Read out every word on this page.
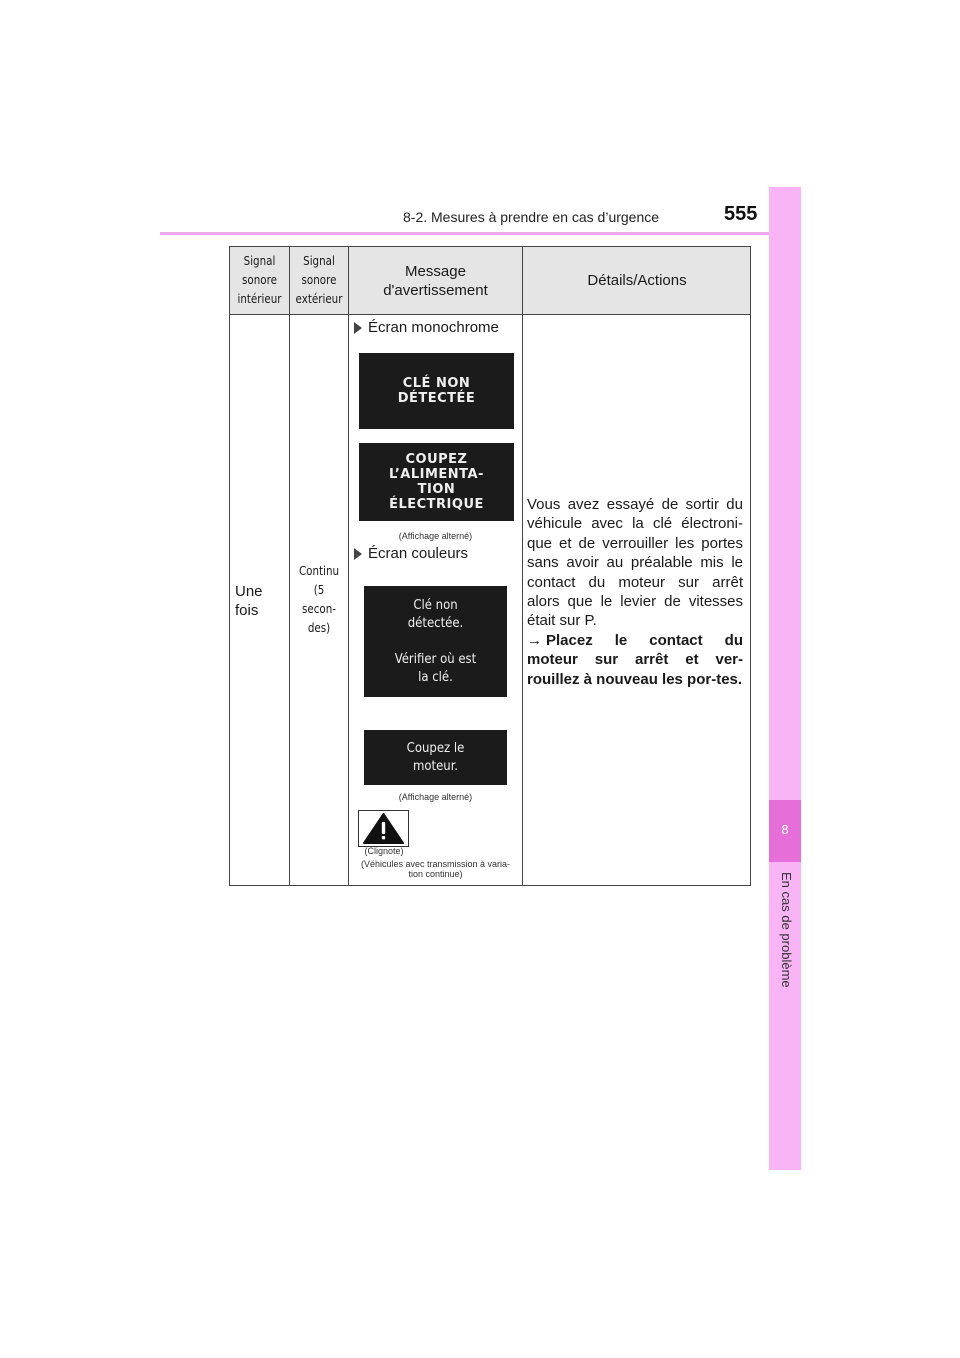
8-2. Mesures à prendre en cas d’urgence	555
8
En cas de problème
Signal
sonore
intérieur
Signal
sonore
extérieur
Message
d'avertissement
Détails/Actions
Une
fois
Continu
(5
secon-
des)
Écran monochrome
CLÉ NON
DÉTECTÉE
COUPEZ
L’ALIMENTA-
TION
ÉLECTRIQUE
(Affichage alterné)
Écran couleurs
Clé non
détectée.

Vérifier où est
la clé.
Coupez le
moteur.
(Affichage alterné)
(Clignote)
(Véhicules avec transmission à varia-
tion continue)
Vous avez essayé de sortir du véhicule avec la clé électroni-que et de verrouiller les portes sans avoir au préalable mis le contact du moteur sur arrêt alors que le levier de vitesses était sur P.
→ Placez le contact du moteur sur arrêt et ver-rouillez à nouveau les por-tes.
